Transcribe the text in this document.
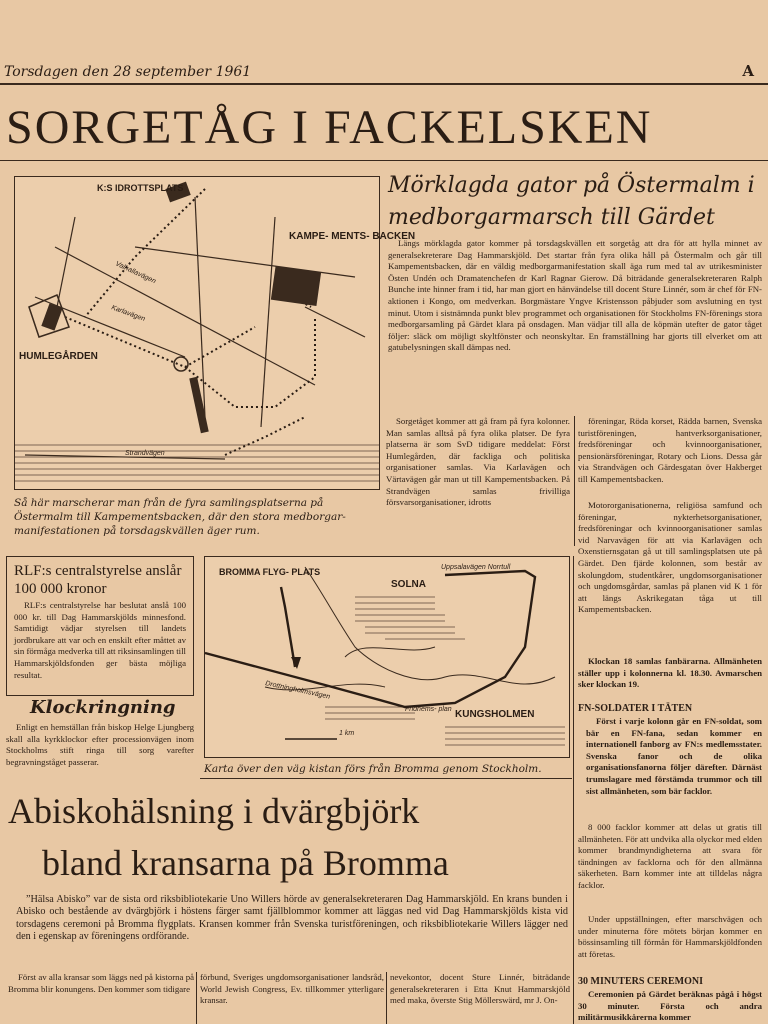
Torsdagen den 28 september 1961	A
SORGETÅG I FACKELSKEN
K:S IDROTTSPLATS
KAMPE- MENTS- BACKEN
HUMLEGÅRDEN
Strandvägen
Karlavägen
Valhallavägen
Så här marscherar man från de fyra samlingsplatserna på Östermalm till Kampementsbacken, där den stora medborgarmanifestationen på torsdagskvällen äger rum.
Mörklagda gator på Östermalm i medborgarmarsch till Gärdet

Längs mörklagda gator kommer på torsdagskvällen ett sorgetåg att dra för att hylla minnet av generalsekreterare Dag Hammarskjöld. Det startar från fyra olika håll på Östermalm och går till Kampementsbacken, där en väldig medborgarmanifestation skall äga rum med tal av utrikesminister Östen Undén och Dramatenchefen dr Karl Ragnar Gierow. Då biträdande generalsekreteraren Ralph Bunche inte hinner fram i tid, har man gjort en hänvändelse till docent Sture Linnér, som är chef för FN-aktionen i Kongo, om medverkan. Borgmästare Yngve Kristensson påbjuder som avslutning en tyst minut. Utom i sistnämnda punkt blev programmet och organisationen för Stockholms FN-förenings stora medborgarsamling på Gärdet klara på onsdagen. Man vädjar till alla de köpmän utefter de gator tåget följer: släck om möjligt skyltfönster och neonskyltar. En framställning har gjorts till elverket om att gatubelysningen skall dämpas ned.

Sorgetåget kommer att gå fram på fyra kolonner. Man samlas alltså på fyra olika platser. De fyra platserna är som SvD tidigare meddelat: Först Humlegården, där fackliga och politiska organisationer samlas. Via Karlavägen och Värtavägen går man ut till Kampementsbacken. På Strandvägen samlas frivilliga försvarsorganisationer, idrotts

föreningar, Röda korset, Rädda barnen, Svenska turistföreningen, hantverksorganisationer, fredsföreningar och kvinnoorganisationer, pensionärsföreningar, Rotary och Lions. Dessa går via Strandvägen och Gärdesgatan över Hakberget till Kampementsbacken.

Motororganisationerna, religiösa samfund och föreningar, nykterhetsorganisationer, fredsföreningar och kvinnoorganisationer samlas vid Narvavägen för att via Karlavägen och Oxenstiernsgatan gå ut till samlingsplatsen ute på Gärdet. Den fjärde kolonnen, som består av skolungdom, studentkårer, ungdomsorganisationer och ungdomsgårdar, samlas på planen vid K 1 för att längs Askrikegatan tåga ut till Kampementsbacken.

Klockan 18 samlas fanbärarna. Allmänheten ställer upp i kolonnerna kl. 18.30. Avmarschen sker klockan 19.

FN-SOLDATER I TÄTEN

Först i varje kolonn går en FN-soldat, som bär en FN-fana, sedan kommer en internationell fanborg av FN:s medlemsstater. Svenska fanor och de olika organisationsfanorna följer därefter. Därnäst trumslagare med förstämda trummor och till sist allmänheten, som bär facklor.

8 000 facklor kommer att delas ut gratis till allmänheten. För att undvika alla olyckor med elden kommer brandmyndigheterna att svara för tändningen av facklorna och för den allmänna säkerheten. Barn kommer inte att tilldelas några facklor.

Under uppställningen, efter marschvägen och under minuterna före mötets början kommer en bössinsamling till förmån för Hammarskjöldfonden att företas.

30 MINUTERS CEREMONI

Ceremonien på Gärdet beräknas pågå i högst 30 minuter. Första och andra militärmusikkårerna kommer

RLF:s centralstyrelse anslår 100 000 kronor

RLF:s centralstyrelse har beslutat anslå 100 000 kr. till Dag Hammarskjölds minnesfond. Samtidigt vädjar styrelsen till landets jordbrukare att var och en enskilt efter måttet av sin förmåga medverka till att riksinsamlingen till Hammarskjöldsfonden ger bästa möjliga resultat.

Klockringning

Enligt en hemställan från biskop Helge Ljungberg skall alla kyrkklockor efter processionvägen inom Stockholms stift ringa till sorg varefter begravningståget passerar.

BROMMA FLYG- PLATS
SOLNA
Uppsalavägen Norrtull
KUNGSHOLMEN
Fridhems- plan
Drottningholmsvägen
1 km
Karta över den väg kistan förs från Bromma genom Stockholm.
Abiskohälsning i dvärgbjörk
bland kransarna på Bromma

”Hälsa Abisko” var de sista ord riksbibliotekarie Uno Willers hörde av generalsekreteraren Dag Hammarskjöld. En krans bunden i Abisko och bestående av dvärgbjörk i höstens färger samt fjällblommor kommer att läggas ned vid Dag Hammarskjölds kista vid torsdagens ceremoni på Bromma flygplats. Kransen kommer från Svenska turistföreningen, och riksbibliotekarie Willers lägger ned den i egenskap av föreningens ordförande.

Först av alla kransar som läggs ned på kistorna på Bromma blir konungens. Den kommer som tidigare

förbund, Sveriges ungdomsorganisationer landsråd, World Jewish Congress, Ev. tillkommer ytterligare kransar.

nevekontor, docent Sture Linnér, biträdande generalsekreteraren i Etta Knut Hammarskjöld med maka, överste Stig Möllerswärd, mr J. On-
